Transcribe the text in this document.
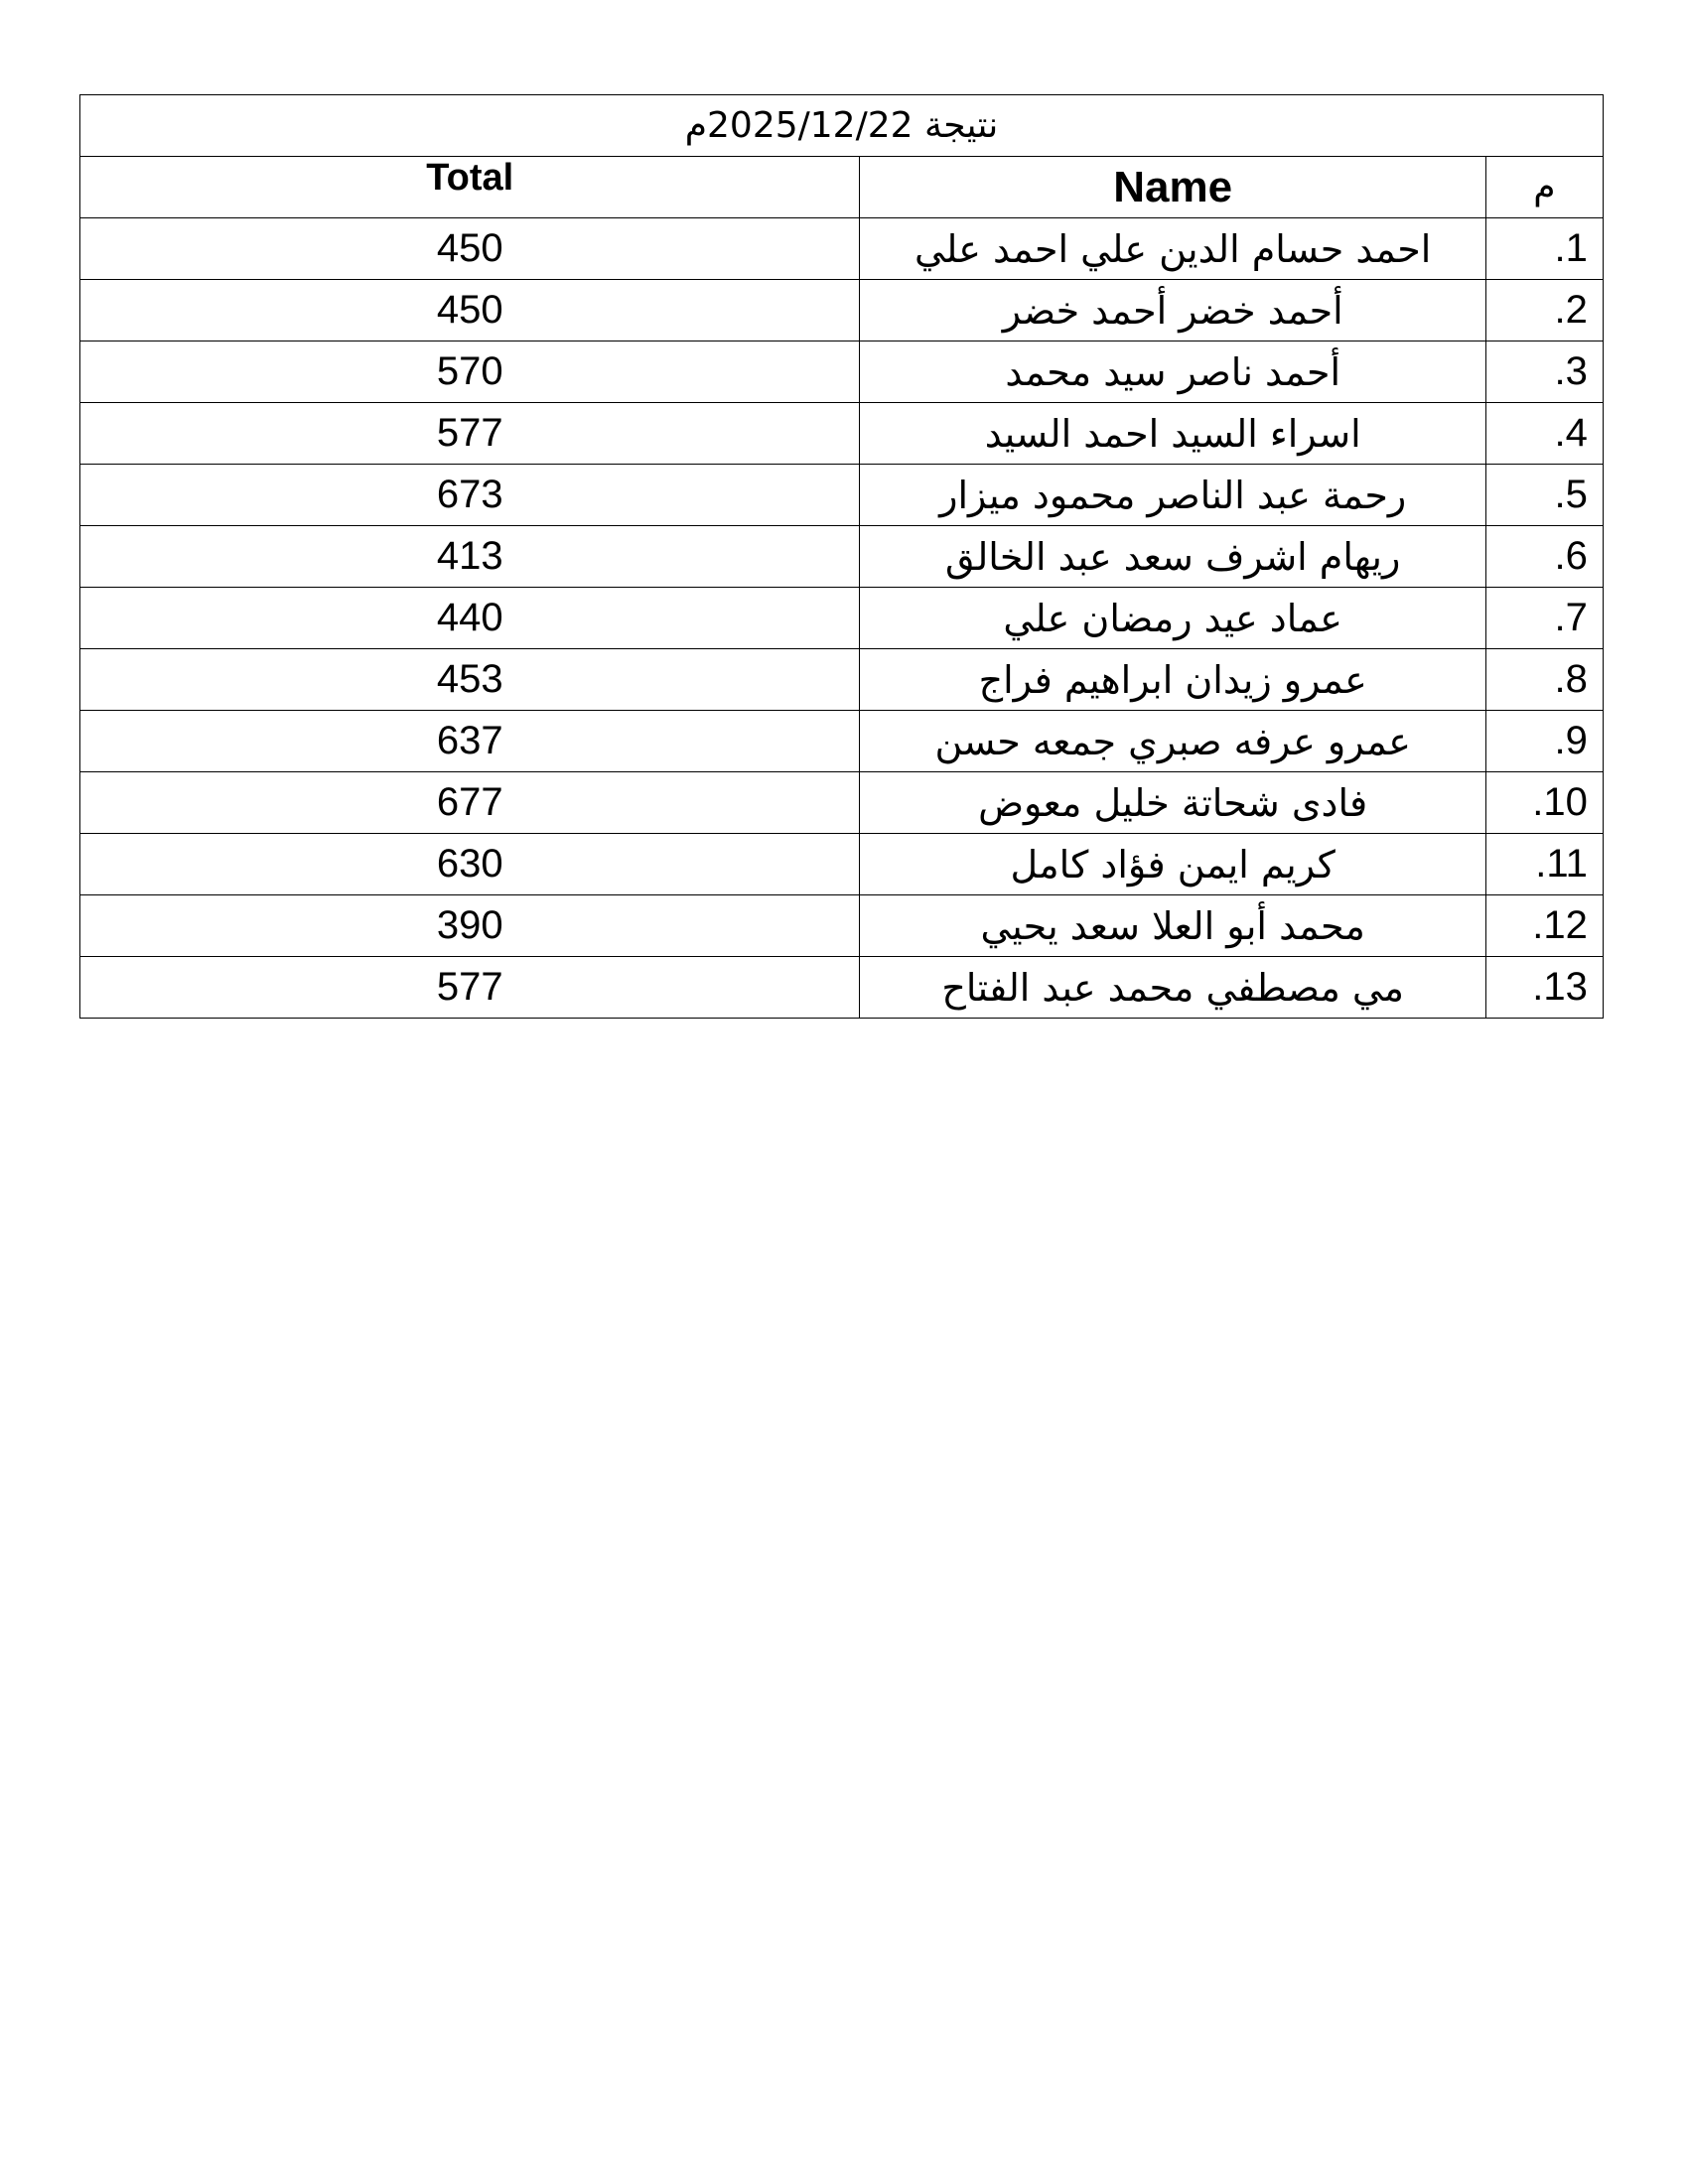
نتيجة 2025/12/22م		
Total	Name	م
450	احمد حسام الدين علي احمد علي	.1
450	أحمد خضر أحمد خضر	.2
570	أحمد ناصر سيد محمد	.3
577	اسراء السيد احمد السيد	.4
673	رحمة عبد الناصر محمود ميزار	.5
413	ريهام اشرف سعد عبد الخالق	.6
440	عماد عيد رمضان علي	.7
453	عمرو زيدان ابراهيم فراج	.8
637	عمرو عرفه صبري جمعه حسن	.9
677	فادى شحاتة خليل معوض	.10
630	كريم ايمن فؤاد كامل	.11
390	محمد أبو العلا سعد يحيي	.12
577	مي مصطفي محمد عبد الفتاح	.13
